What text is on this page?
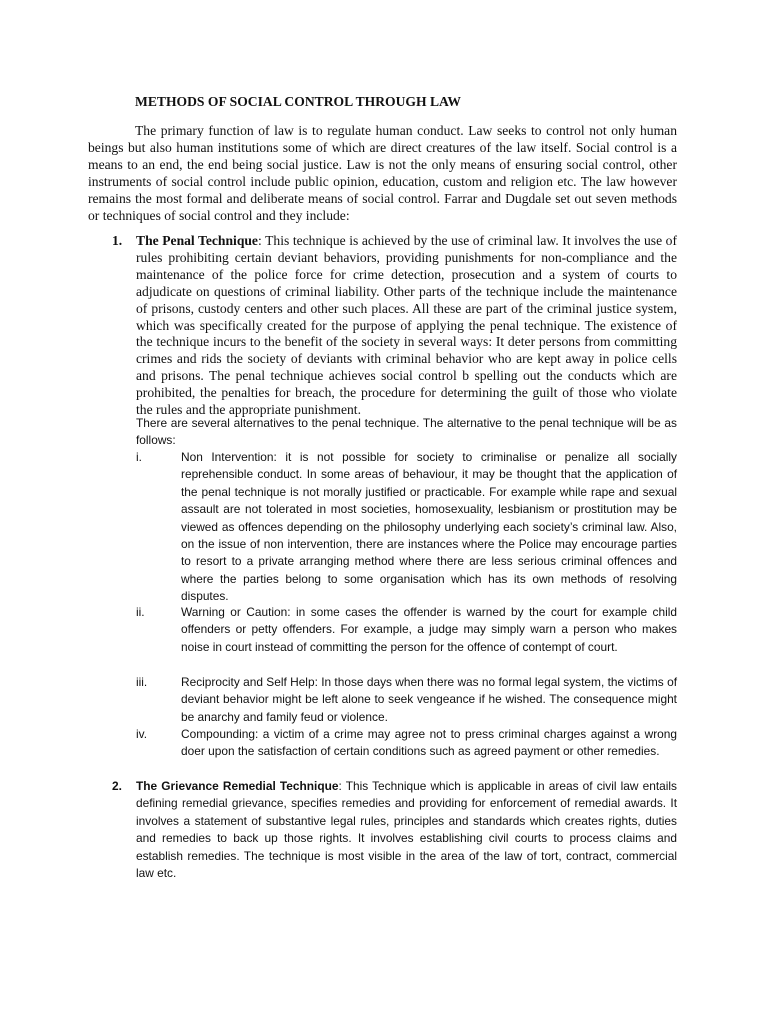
METHODS OF SOCIAL CONTROL THROUGH LAW

The primary function of law is to regulate human conduct. Law seeks to control not only human beings but also human institutions some of which are direct creatures of the law itself. Social control is a means to an end, the end being social justice. Law is not the only means of ensuring social control, other instruments of social control include public opinion, education, custom and religion etc. The law however remains the most formal and deliberate means of social control. Farrar and Dugdale set out seven methods or techniques of social control and they include:

1. The Penal Technique: This technique is achieved by the use of criminal law. It involves the use of rules prohibiting certain deviant behaviors, providing punishments for non-compliance and the maintenance of the police force for crime detection, prosecution and a system of courts to adjudicate on questions of criminal liability. Other parts of the technique include the maintenance of prisons, custody centers and other such places. All these are part of the criminal justice system, which was specifically created for the purpose of applying the penal technique. The existence of the technique incurs to the benefit of the society in several ways: It deter persons from committing crimes and rids the society of deviants with criminal behavior who are kept away in police cells and prisons. The penal technique achieves social control b spelling out the conducts which are prohibited, the penalties for breach, the procedure for determining the guilt of those who violate the rules and the appropriate punishment.

There are several alternatives to the penal technique. The alternative to the penal technique will be as follows:

i.	Non Intervention: it is not possible for society to criminalise or penalize all socially reprehensible conduct. In some areas of behaviour, it may be thought that the application of the penal technique is not morally justified or practicable. For example while rape and sexual assault are not tolerated in most societies, homosexuality, lesbianism or prostitution may be viewed as offences depending on the philosophy underlying each society’s criminal law. Also, on the issue of non intervention, there are instances where the Police may encourage parties to resort to a private arranging method where there are less serious criminal offences and where the parties belong to some organisation which has its own methods of resolving disputes.
ii.	Warning or Caution: in some cases the offender is warned by the court for example child offenders or petty offenders. For example, a judge may simply warn a person who makes noise in court instead of committing the person for the offence of contempt of court.
iii.	Reciprocity and Self Help: In those days when there was no formal legal system, the victims of deviant behavior might be left alone to seek vengeance if he wished. The consequence might be anarchy and family feud or violence.
iv.	Compounding: a victim of a crime may agree not to press criminal charges against a wrong doer upon the satisfaction of certain conditions such as agreed payment or other remedies.
2. The Grievance Remedial Technique: This Technique which is applicable in areas of civil law entails defining remedial grievance, specifies remedies and providing for enforcement of remedial awards. It involves a statement of substantive legal rules, principles and standards which creates rights, duties and remedies to back up those rights. It involves establishing civil courts to process claims and establish remedies. The technique is most visible in the area of the law of tort, contract, commercial law etc.
